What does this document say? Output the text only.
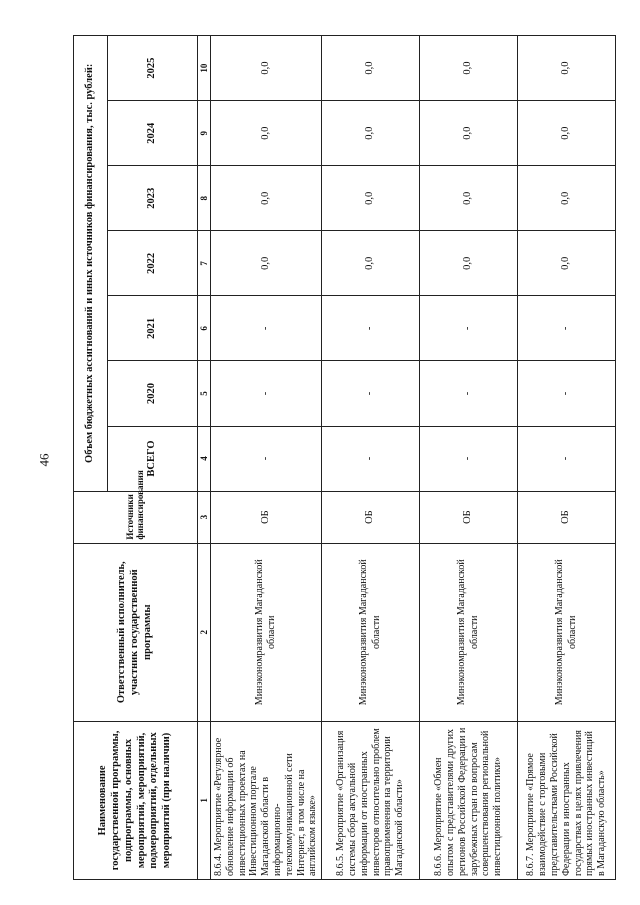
46
Наименование государственной программы, подпрограммы, основных мероприятий, мероприятий, подмероприятий, отдельных мероприятий (при наличии)	Ответственный исполнитель, участник государственной программы	Источники финансирования	Объем бюджетных ассигнований и иных источников финансирования, тыс. рублей:						
			ВСЕГО	2020	2021	2022	2023	2024	2025
1	2	3	4	5	6	7	8	9	10
8.6.4. Мероприятие «Регулярное обновление информации об инвестиционных проектах на Инвестиционном портале Магаданской области в информационно-телекоммуникационной сети Интернет, в том числе на английском языке»	Минэкономразвития Магаданской области	ОБ	-	-	-	0,0	0,0	0,0	0,0
8.6.5. Мероприятие «Организация системы сбора актуальной информации от иностранных инвесторов относительно проблем правоприменения на территории Магаданской области»	Минэкономразвития Магаданской области	ОБ	-	-	-	0,0	0,0	0,0	0,0
8.6.6. Мероприятие «Обмен опытом с представителями других регионов Российской Федерации и зарубежных стран по вопросам совершенствования региональной инвестиционной политики»	Минэкономразвития Магаданской области	ОБ	-	-	-	0,0	0,0	0,0	0,0
8.6.7. Мероприятие «Прямое взаимодействие с торговыми представительствами Российской Федерации в иностранных государствах в целях привлечения прямых иностранных инвестиций в Магаданскую область»	Минэкономразвития Магаданской области	ОБ	-	-	-	0,0	0,0	0,0	0,0
